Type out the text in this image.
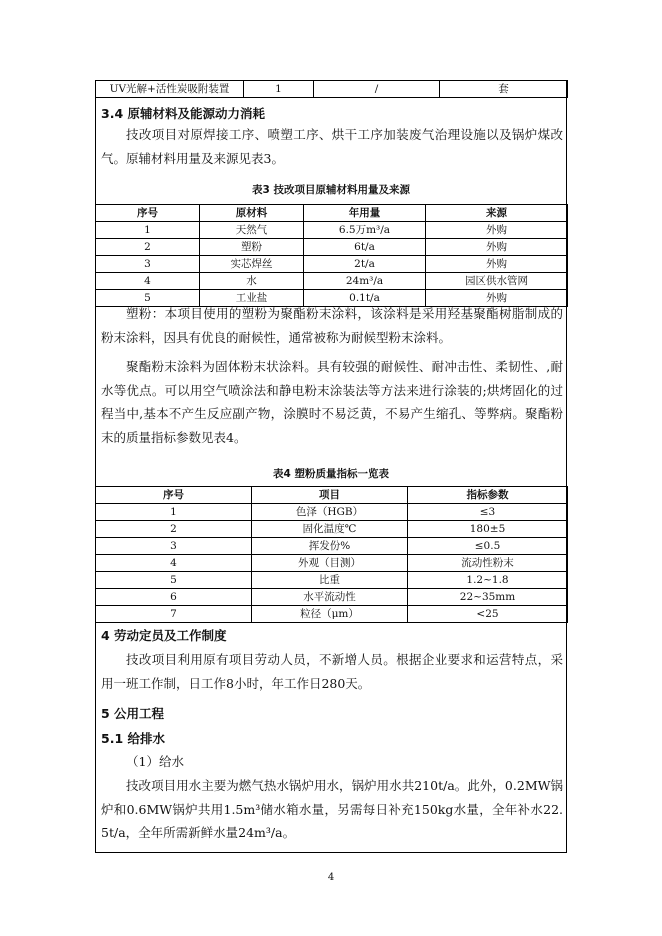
UV光解+活性炭吸附装置	1	/	套
3.4 原辅材料及能源动力消耗
技改项目对原焊接工序、喷塑工序、烘干工序加装废气治理设施以及锅炉煤改气。原辅材料用量及来源见表3。
表3 技改项目原辅材料用量及来源
序号	原材料	年用量	来源
1	天然气	6.5万m³/a	外购
2	塑粉	6t/a	外购
3	实芯焊丝	2t/a	外购
4	水	24m³/a	园区供水管网
5	工业盐	0.1t/a	外购
塑粉：本项目使用的塑粉为聚酯粉末涂料，该涂料是采用羟基聚酯树脂制成的粉末涂料，因具有优良的耐候性，通常被称为耐候型粉末涂料。
聚酯粉末涂料为固体粉末状涂料。具有较强的耐候性、耐冲击性、柔韧性、,耐水等优点。可以用空气喷涂法和静电粉末涂装法等方法来进行涂装的;烘烤固化的过程当中,基本不产生反应副产物，涂膜时不易泛黄，不易产生缩孔、等弊病。聚酯粉末的质量指标参数见表4。
表4 塑粉质量指标一览表
序号	项目	指标参数
1	色泽（HGB）	≤3
2	固化温度℃	180±5
3	挥发份%	≤0.5
4	外观（目测）	流动性粉末
5	比重	1.2~1.8
6	水平流动性	22~35mm
7	粒径（μm）	<25
4 劳动定员及工作制度
技改项目利用原有项目劳动人员，不新增人员。根据企业要求和运营特点，采用一班工作制，日工作8小时，年工作日280天。
5 公用工程
5.1 给排水
（1）给水
技改项目用水主要为燃气热水锅炉用水，锅炉用水共210t/a。此外，0.2MW锅炉和0.6MW锅炉共用1.5m³储水箱水量，另需每日补充150kg水量，全年补水22.5t/a，全年所需新鲜水量24m³/a。
4
